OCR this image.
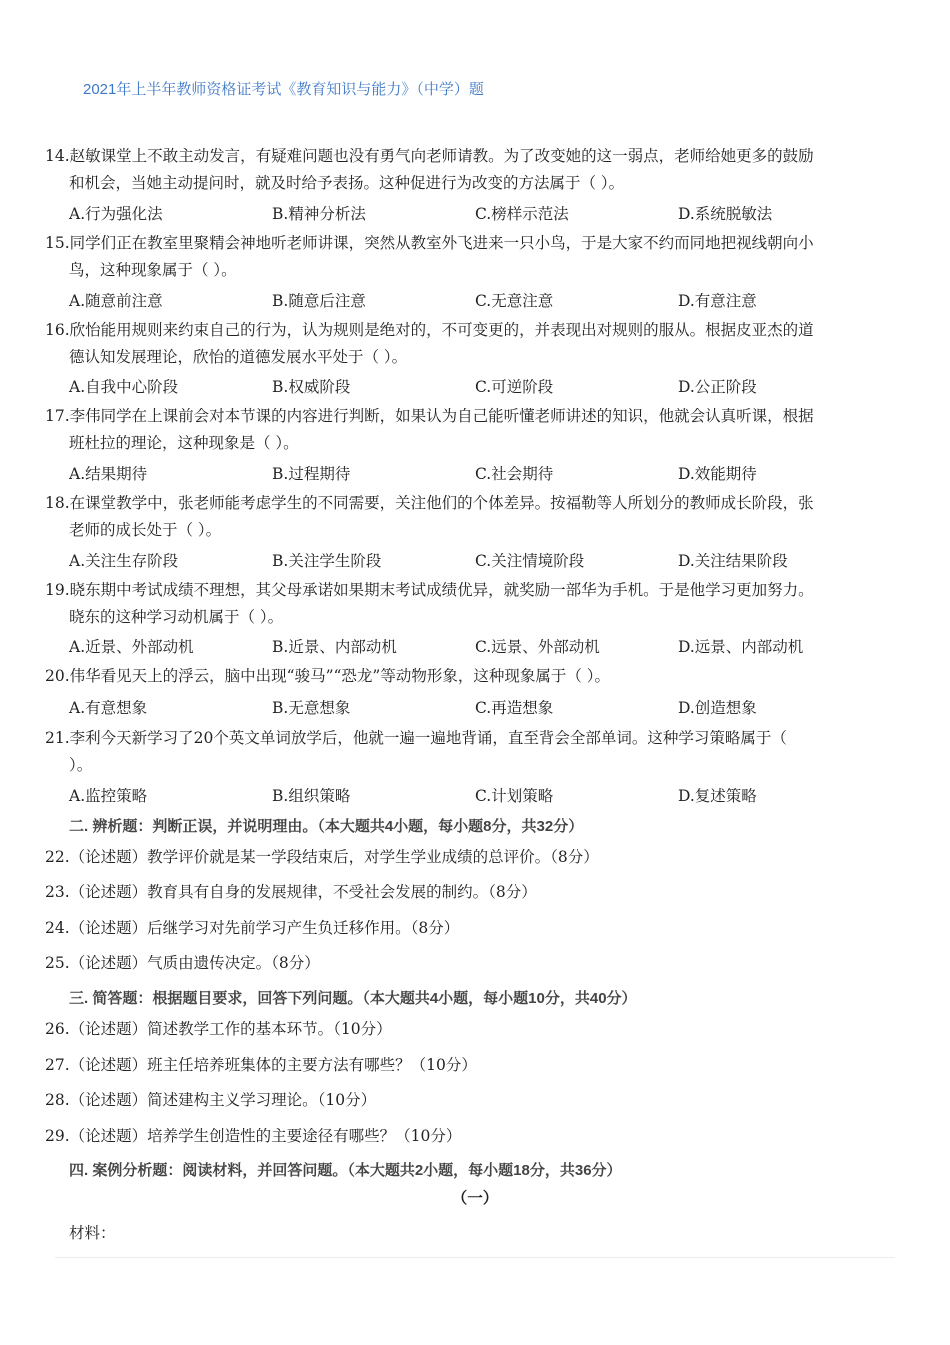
2021年上半年教师资格证考试《教育知识与能力》（中学）题
14.赵敏课堂上不敢主动发言，有疑难问题也没有勇气向老师请教。为了改变她的这一弱点，老师给她更多的鼓励
和机会，当她主动提问时，就及时给予表扬。这种促进行为改变的方法属于（ ）。
A.行为强化法	B.精神分析法	C.榜样示范法	D.系统脱敏法
15.同学们正在教室里聚精会神地听老师讲课，突然从教室外飞进来一只小鸟，于是大家不约而同地把视线朝向小
鸟，这种现象属于（ ）。
A.随意前注意	B.随意后注意	C.无意注意	D.有意注意
16.欣怡能用规则来约束自己的行为，认为规则是绝对的，不可变更的，并表现出对规则的服从。根据皮亚杰的道
德认知发展理论，欣怡的道德发展水平处于（ ）。
A.自我中心阶段	B.权威阶段	C.可逆阶段	D.公正阶段
17.李伟同学在上课前会对本节课的内容进行判断，如果认为自己能听懂老师讲述的知识，他就会认真听课，根据
班杜拉的理论，这种现象是（ ）。
A.结果期待	B.过程期待	C.社会期待	D.效能期待
18.在课堂教学中，张老师能考虑学生的不同需要，关注他们的个体差异。按福勒等人所划分的教师成长阶段，张
老师的成长处于（ ）。
A.关注生存阶段	B.关注学生阶段	C.关注情境阶段	D.关注结果阶段
19.晓东期中考试成绩不理想，其父母承诺如果期末考试成绩优异，就奖励一部华为手机。于是他学习更加努力。
晓东的这种学习动机属于（ ）。
A.近景、外部动机	B.近景、内部动机	C.远景、外部动机	D.远景、内部动机
20.伟华看见天上的浮云，脑中出现“骏马”“恐龙”等动物形象，这种现象属于（ ）。
A.有意想象	B.无意想象	C.再造想象	D.创造想象
21.李利今天新学习了20个英文单词放学后，他就一遍一遍地背诵，直至背会全部单词。这种学习策略属于（
）。
A.监控策略	B.组织策略	C.计划策略	D.复述策略
二. 辨析题：判断正误，并说明理由。（本大题共4小题，每小题8分，共32分）
22.（论述题）教学评价就是某一学段结束后，对学生学业成绩的总评价。（8分）
23.（论述题）教育具有自身的发展规律，不受社会发展的制约。（8分）
24.（论述题）后继学习对先前学习产生负迁移作用。（8分）
25.（论述题）气质由遗传决定。（8分）
三. 简答题：根据题目要求，回答下列问题。（本大题共4小题，每小题10分，共40分）
26.（论述题）简述教学工作的基本环节。（10分）
27.（论述题）班主任培养班集体的主要方法有哪些？（10分）
28.（论述题）简述建构主义学习理论。（10分）
29.（论述题）培养学生创造性的主要途径有哪些？（10分）
四. 案例分析题：阅读材料，并回答问题。（本大题共2小题，每小题18分，共36分）
（一）
材料：
